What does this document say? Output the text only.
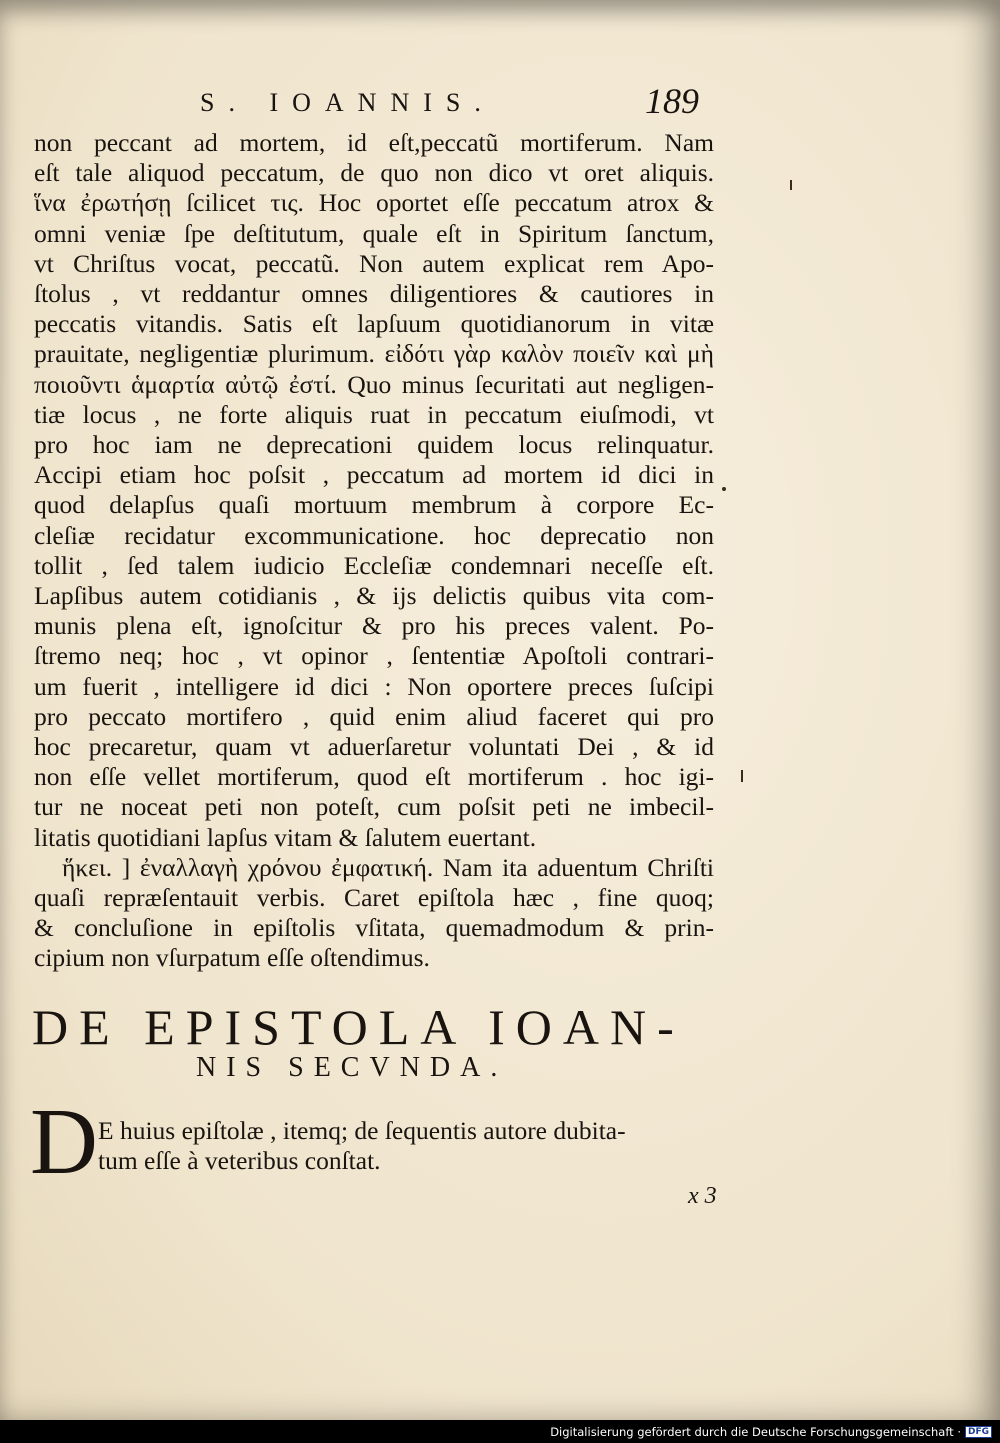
S. IOANNIS.	189
non peccant ad mortem, id eſt,peccatũ mortiferum. Nam
eſt tale aliquod peccatum, de quo non dico vt oret aliquis.
ἵνα ἐρωτήσῃ ſcilicet τις. Hoc oportet eſſe peccatum atrox &
omni veniæ ſpe deſtitutum, quale eſt in Spiritum ſanctum,
vt Chriſtus vocat, peccatũ. Non autem explicat rem Apo-
ſtolus , vt reddantur omnes diligentiores & cautiores in
peccatis vitandis. Satis eſt lapſuum quotidianorum in vitæ
prauitate, negligentiæ plurimum. εἰδότι γὰρ καλὸν ποιεῖν καὶ μὴ
ποιοῦντι ἁμαρτία αὐτῷ ἐστί. Quo minus ſecuritati aut negligen-
tiæ locus , ne forte aliquis ruat in peccatum eiuſmodi, vt
pro hoc iam ne deprecationi quidem locus relinquatur.
Accipi etiam hoc poſsit , peccatum ad mortem id dici in
quod delapſus quaſi mortuum membrum à corpore Ec-
cleſiæ recidatur excommunicatione. hoc deprecatio non
tollit , ſed talem iudicio Eccleſiæ condemnari neceſſe eſt.
Lapſibus autem cotidianis , & ijs delictis quibus vita com-
munis plena eſt, ignoſcitur & pro his preces valent. Po-
ſtremo neq; hoc , vt opinor , ſententiæ Apoſtoli contrari-
um fuerit , intelligere id dici : Non oportere preces ſuſcipi
pro peccato mortifero , quid enim aliud faceret qui pro
hoc precaretur, quam vt aduerſaretur voluntati Dei , & id
non eſſe vellet mortiferum, quod eſt mortiferum . hoc igi-
tur ne noceat peti non poteſt, cum poſsit peti ne imbecil-
litatis quotidiani lapſus vitam & ſalutem euertant.
ἥκει. ] ἐναλλαγὴ χρόνου ἐμφατική. Nam ita aduentum Chriſti
quaſi repræſentauit verbis. Caret epiſtola hæc , fine quoq;
& concluſione in epiſtolis vſitata, quemadmodum & prin-
cipium non vſurpatum eſſe oſtendimus.
DE EPISTOLA IOAN-
NIS SECVNDA.
D E huius epiſtolæ , itemq; de ſequentis autore dubita-
tum eſſe à veteribus conſtat.
x 3
Digitalisierung gefördert durch die Deutsche Forschungsgemeinschaft · DFG
